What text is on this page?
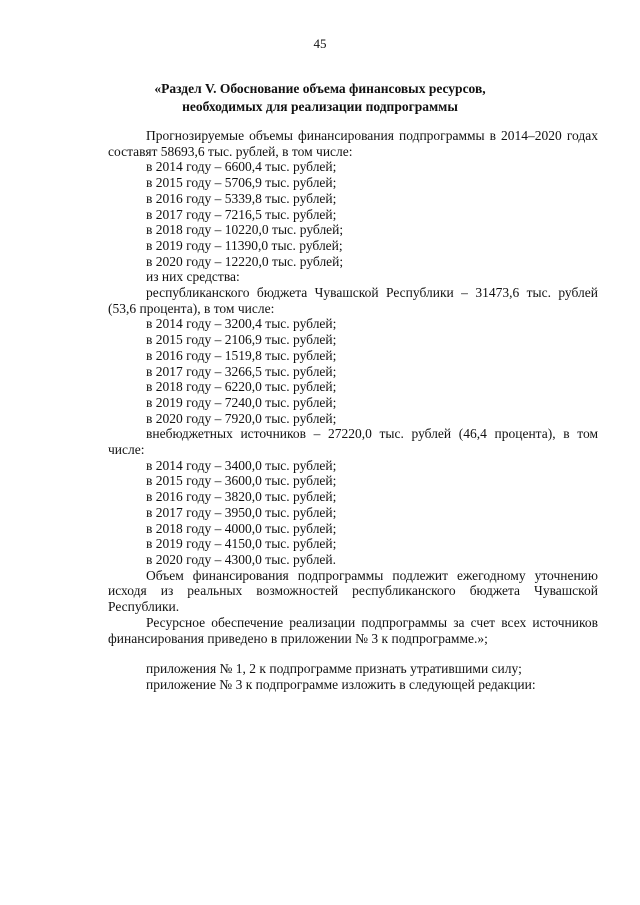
45
«Раздел V. Обоснование объема финансовых ресурсов,
необходимых для реализации подпрограммы

Прогнозируемые объемы финансирования подпрограммы в 2014–2020 годах составят 58693,6 тыс. рублей, в том числе:

в 2014 году – 6600,4 тыс. рублей;

в 2015 году – 5706,9 тыс. рублей;

в 2016 году – 5339,8 тыс. рублей;

в 2017 году – 7216,5 тыс. рублей;

в 2018 году – 10220,0 тыс. рублей;

в 2019 году – 11390,0 тыс. рублей;

в 2020 году – 12220,0 тыс. рублей;

из них средства:

республиканского бюджета Чувашской Республики – 31473,6 тыс. рублей (53,6 процента), в том числе:

в 2014 году – 3200,4 тыс. рублей;

в 2015 году – 2106,9 тыс. рублей;

в 2016 году – 1519,8 тыс. рублей;

в 2017 году – 3266,5 тыс. рублей;

в 2018 году – 6220,0 тыс. рублей;

в 2019 году – 7240,0 тыс. рублей;

в 2020 году – 7920,0 тыс. рублей;

внебюджетных источников – 27220,0 тыс. рублей (46,4 процента), в том числе:

в 2014 году – 3400,0 тыс. рублей;

в 2015 году – 3600,0 тыс. рублей;

в 2016 году – 3820,0 тыс. рублей;

в 2017 году – 3950,0 тыс. рублей;

в 2018 году – 4000,0 тыс. рублей;

в 2019 году – 4150,0 тыс. рублей;

в 2020 году – 4300,0 тыс. рублей.

Объем финансирования подпрограммы подлежит ежегодному уточнению исходя из реальных возможностей республиканского бюджета Чувашской Республики.

Ресурсное обеспечение реализации подпрограммы за счет всех источников финансирования приведено в приложении № 3 к подпрограмме.»;

приложения № 1, 2 к подпрограмме признать утратившими силу;

приложение № 3 к подпрограмме изложить в следующей редакции:
